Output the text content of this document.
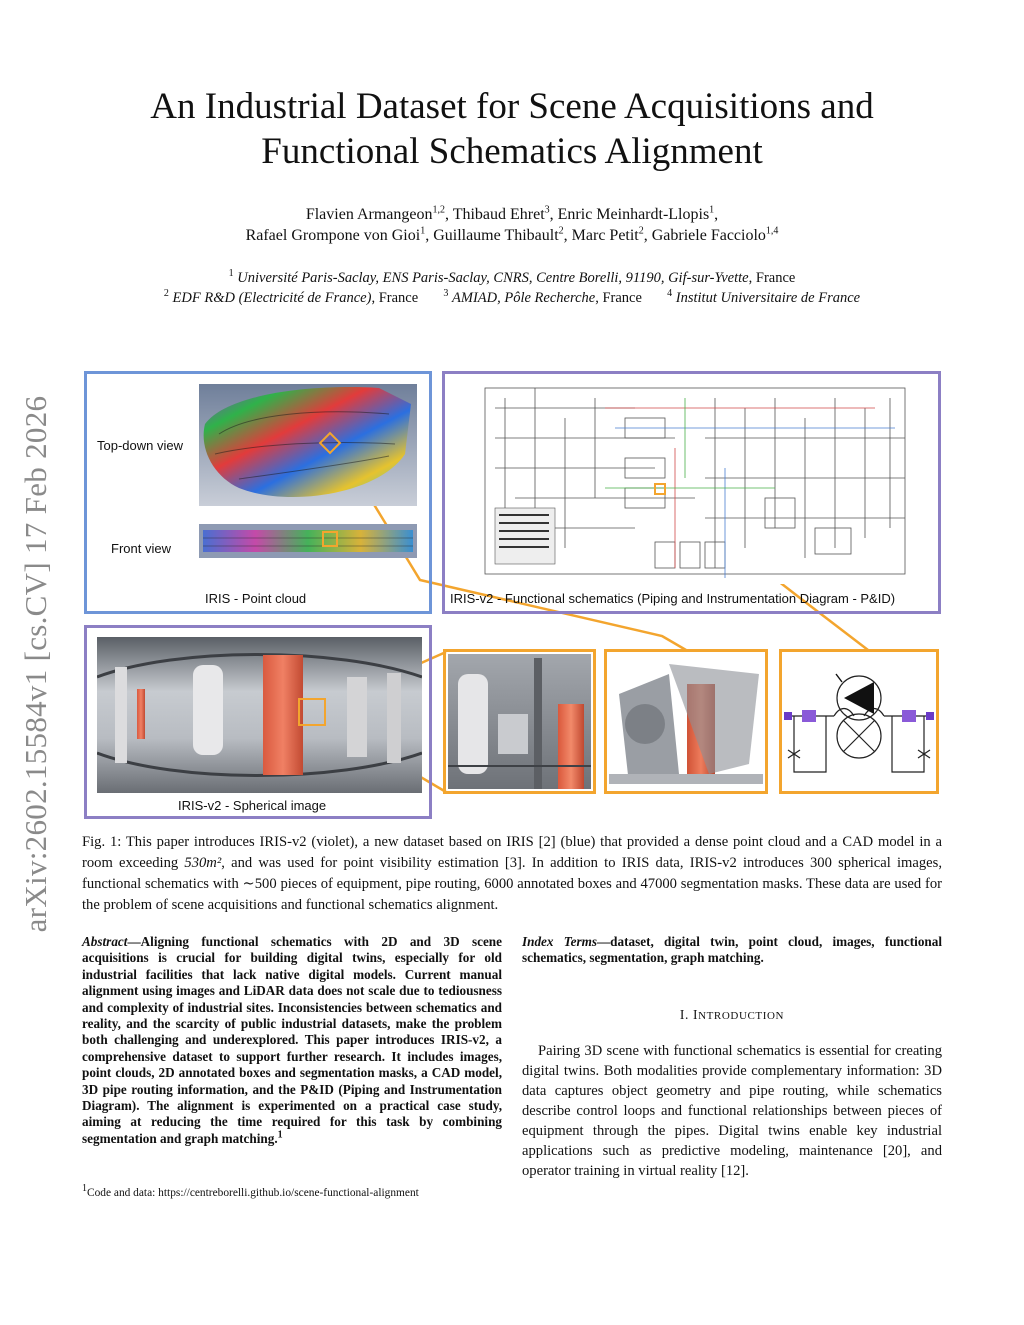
arXiv:2602.15584v1 [cs.CV] 17 Feb 2026
An Industrial Dataset for Scene Acquisitions and
Functional Schematics Alignment
Flavien Armangeon$^{1,2}$, Thibaud Ehret$^3$, Enric Meinhardt-Llopis$^1$,
Rafael Grompone von Gioi$^1$, Guillaume Thibault$^2$, Marc Petit$^2$, Gabriele Facciolo$^{1,4}$
$^1$ Université Paris-Saclay, ENS Paris-Saclay, CNRS, Centre Borelli, 91190, Gif-sur-Yvette, France
$^2$ EDF R&D (Electricité de France), France	$^3$ AMIAD, Pôle Recherche, France	$^4$ Institut Universitaire de France
Top-down view
Front view
IRIS - Point cloud	IRIS-v2 - Functional schematics (Piping and Instrumentation Diagram - P&ID)
IRIS-v2 - Spherical image
Fig. 1: This paper introduces IRIS-v2 (violet), a new dataset based on IRIS [2] (blue) that provided a dense point cloud and a CAD model in a room exceeding 530m², and was used for point visibility estimation [3]. In addition to IRIS data, IRIS-v2 introduces 300 spherical images, functional schematics with ∼500 pieces of equipment, pipe routing, 6000 annotated boxes and 47000 segmentation masks. These data are used for the problem of scene acquisitions and functional schematics alignment.
Abstract—Aligning functional schematics with 2D and 3D scene acquisitions is crucial for building digital twins, especially for old industrial facilities that lack native digital models. Current manual alignment using images and LiDAR data does not scale due to tediousness and complexity of industrial sites. Inconsistencies between schematics and reality, and the scarcity of public industrial datasets, make the problem both challenging and underexplored. This paper introduces IRIS-v2, a comprehensive dataset to support further research. It includes images, point clouds, 2D annotated boxes and segmentation masks, a CAD model, 3D pipe routing information, and the P&ID (Piping and Instrumentation Diagram). The alignment is experimented on a practical case study, aiming at reducing the time required for this task by combining segmentation and graph matching.$^1$
$^1$Code and data: https://centreborelli.github.io/scene-functional-alignment
Index Terms—dataset, digital twin, point cloud, images, functional schematics, segmentation, graph matching.
I. INTRODUCTION

Pairing 3D scene with functional schematics is essential for creating digital twins. Both modalities provide complementary information: 3D data captures object geometry and pipe routing, while schematics describe control loops and functional relationships between pieces of equipment through the pipes. Digital twins enable key industrial applications such as predictive modeling, maintenance [20], and operator training in virtual reality [12].
